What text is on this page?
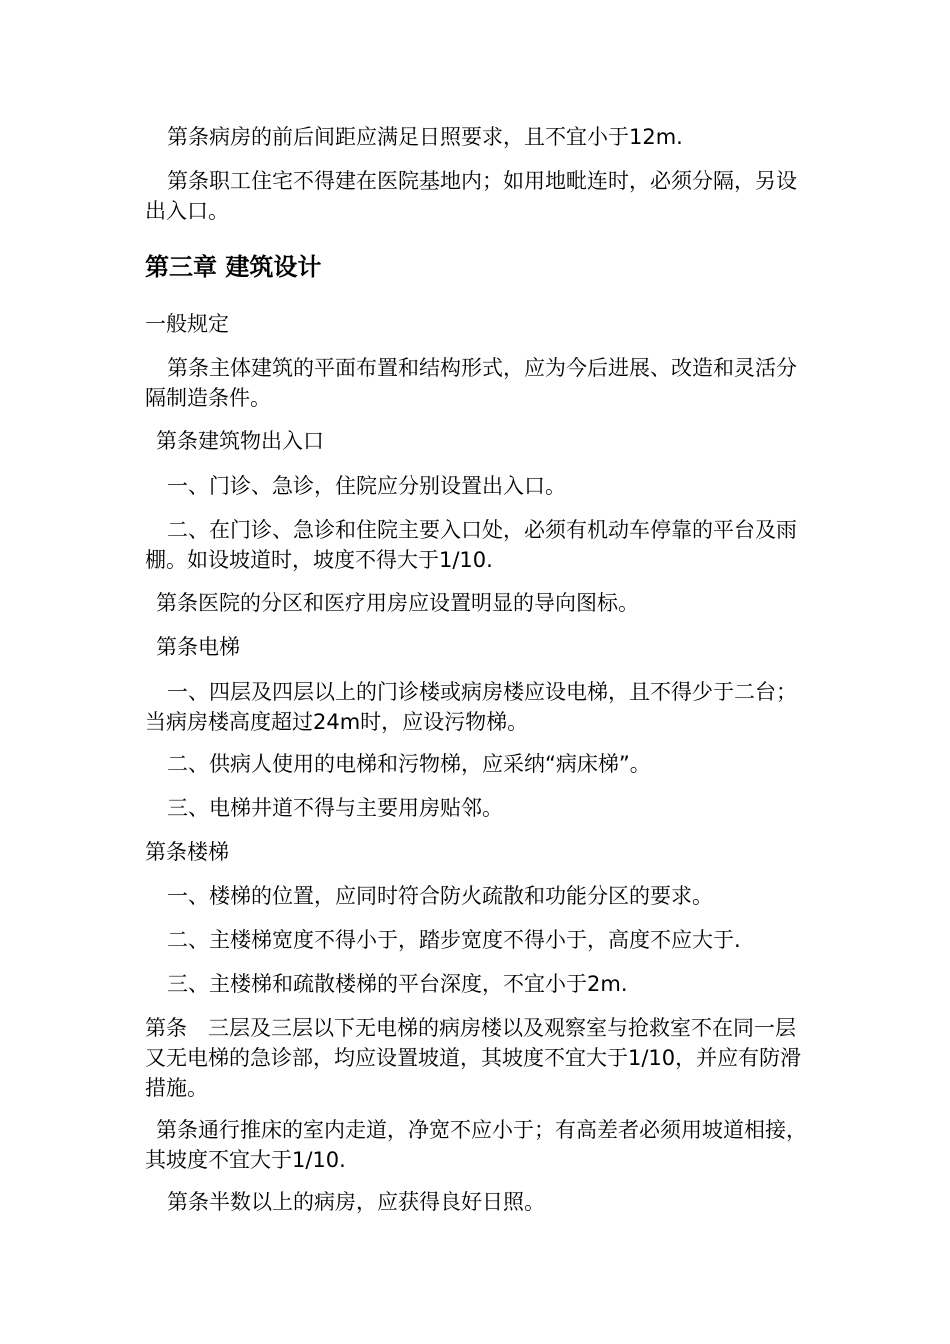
第条病房的前后间距应满足日照要求，且不宜小于12m.

第条职工住宅不得建在医院基地内；如用地毗连时，必须分隔，另设出入口。

第三章 建筑设计

一般规定

第条主体建筑的平面布置和结构形式，应为今后进展、改造和灵活分隔制造条件。

第条建筑物出入口

一、门诊、急诊，住院应分别设置出入口。

二、在门诊、急诊和住院主要入口处，必须有机动车停靠的平台及雨棚。如设坡道时，坡度不得大于1/10.

第条医院的分区和医疗用房应设置明显的导向图标。

第条电梯

一、四层及四层以上的门诊楼或病房楼应设电梯，且不得少于二台；当病房楼高度超过24m时，应设污物梯。

二、供病人使用的电梯和污物梯，应采纳“病床梯”。

三、电梯井道不得与主要用房贴邻。

第条楼梯

一、楼梯的位置，应同时符合防火疏散和功能分区的要求。

二、主楼梯宽度不得小于，踏步宽度不得小于，高度不应大于.

三、主楼梯和疏散楼梯的平台深度，不宜小于2m.

第条　三层及三层以下无电梯的病房楼以及观察室与抢救室不在同一层又无电梯的急诊部，均应设置坡道，其坡度不宜大于1/10，并应有防滑措施。

第条通行推床的室内走道，净宽不应小于；有高差者必须用坡道相接，其坡度不宜大于1/10.

第条半数以上的病房，应获得良好日照。
